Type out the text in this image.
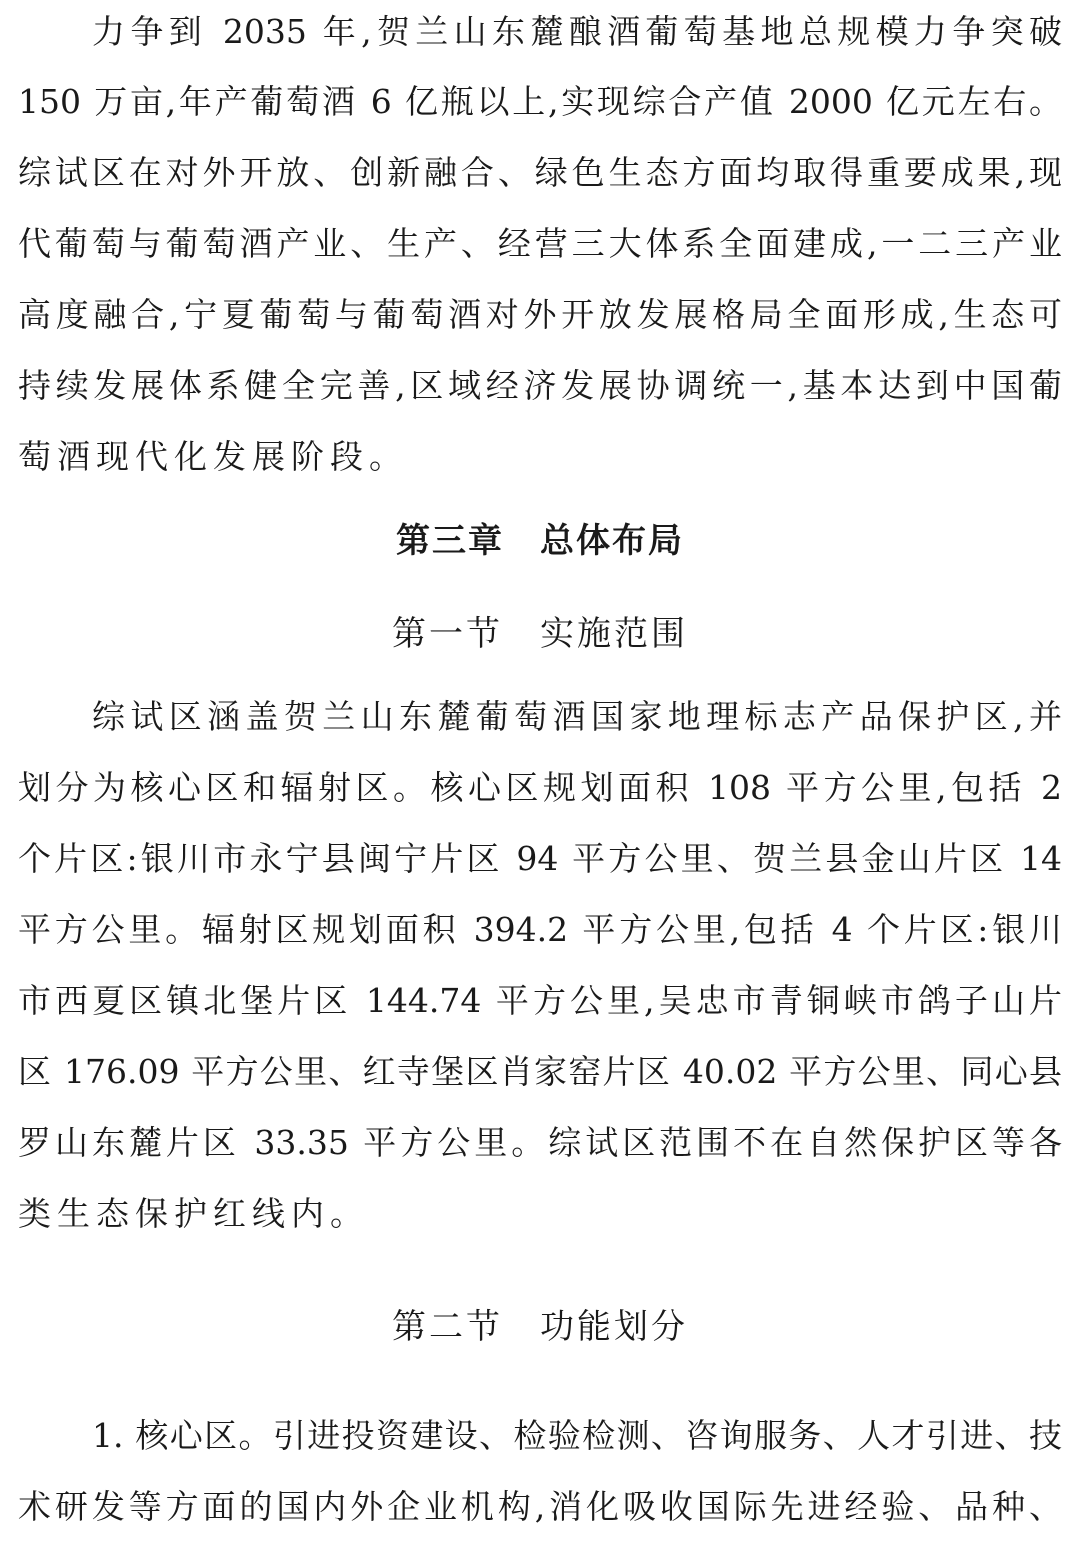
力争到 2035 年,贺兰山东麓酿酒葡萄基地总规模力争突破
150 万亩,年产葡萄酒 6 亿瓶以上,实现综合产值 2000 亿元左右。
综试区在对外开放、创新融合、绿色生态方面均取得重要成果,现
代葡萄与葡萄酒产业、生产、经营三大体系全面建成,一二三产业
高度融合,宁夏葡萄与葡萄酒对外开放发展格局全面形成,生态可
持续发展体系健全完善,区域经济发展协调统一,基本达到中国葡
萄酒现代化发展阶段。
第三章　总体布局
第一节　实施范围
综试区涵盖贺兰山东麓葡萄酒国家地理标志产品保护区,并
划分为核心区和辐射区。核心区规划面积 108 平方公里,包括 2
个片区:银川市永宁县闽宁片区 94 平方公里、贺兰县金山片区 14
平方公里。辐射区规划面积 394.2 平方公里,包括 4 个片区:银川
市西夏区镇北堡片区 144.74 平方公里,吴忠市青铜峡市鸽子山片
区 176.09 平方公里、红寺堡区肖家窑片区 40.02 平方公里、同心县
罗山东麓片区 33.35 平方公里。综试区范围不在自然保护区等各
类生态保护红线内。
第二节　功能划分
1. 核心区。引进投资建设、检验检测、咨询服务、人才引进、技
术研发等方面的国内外企业机构,消化吸收国际先进经验、品种、
